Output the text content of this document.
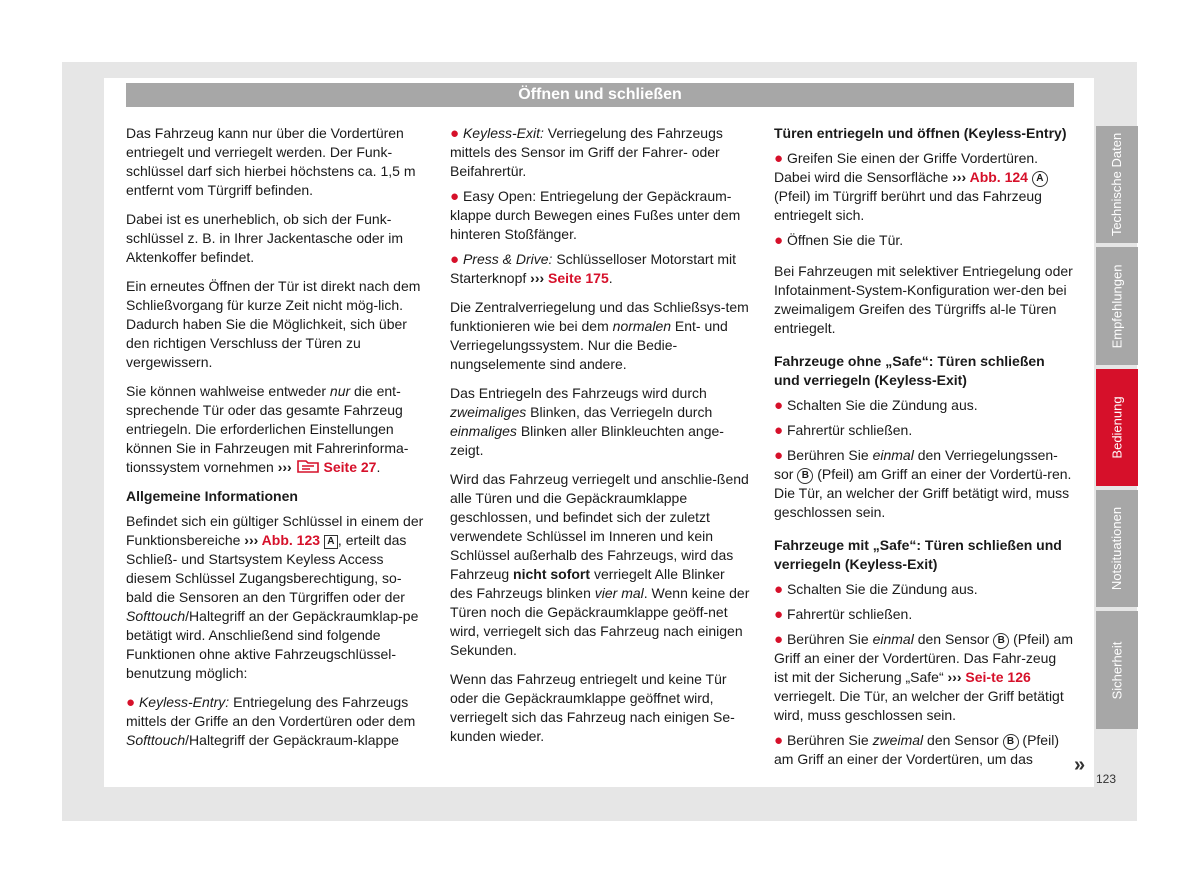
Öffnen und schließen

Das Fahrzeug kann nur über die Vordertüren entriegelt und verriegelt werden. Der Funk-schlüssel darf sich hierbei höchstens ca. 1,5 m entfernt vom Türgriff befinden.

Dabei ist es unerheblich, ob sich der Funk-schlüssel z. B. in Ihrer Jackentasche oder im Aktenkoffer befindet.

Ein erneutes Öffnen der Tür ist direkt nach dem Schließvorgang für kurze Zeit nicht mög-lich. Dadurch haben Sie die Möglichkeit, sich über den richtigen Verschluss der Türen zu vergewissern.

Sie können wahlweise entweder nur die ent-sprechende Tür oder das gesamte Fahrzeug entriegeln. Die erforderlichen Einstellungen können Sie in Fahrzeugen mit Fahrerinforma-tionssystem vornehmen ››› Seite 27.

Allgemeine Informationen

Befindet sich ein gültiger Schlüssel in einem der Funktionsbereiche ››› Abb. 123 A , erteilt das Schließ- und Startsystem Keyless Access diesem Schlüssel Zugangsberechtigung, so-bald die Sensoren an den Türgriffen oder der Softtouch/Haltegriff an der Gepäckraumklap-pe betätigt wird. Anschließend sind folgende Funktionen ohne aktive Fahrzeugschlüssel-benutzung möglich:

● Keyless-Entry: Entriegelung des Fahrzeugs mittels der Griffe an den Vordertüren oder dem Softtouch/Haltegriff der Gepäckraum-klappe

● Keyless-Exit: Verriegelung des Fahrzeugs mittels des Sensor im Griff der Fahrer- oder Beifahrertür.

● Easy Open: Entriegelung der Gepäckraum-klappe durch Bewegen eines Fußes unter dem hinteren Stoßfänger.

● Press & Drive: Schlüsselloser Motorstart mit Starterknopf ››› Seite 175.

Die Zentralverriegelung und das Schließsys-tem funktionieren wie bei dem normalen Ent- und Verriegelungssystem. Nur die Bedie-nungselemente sind andere.

Das Entriegeln des Fahrzeugs wird durch zweimaliges Blinken, das Verriegeln durch einmaliges Blinken aller Blinkleuchten ange-zeigt.

Wird das Fahrzeug verriegelt und anschlie-ßend alle Türen und die Gepäckraumklappe geschlossen, und befindet sich der zuletzt verwendete Schlüssel im Inneren und kein Schlüssel außerhalb des Fahrzeugs, wird das Fahrzeug nicht sofort verriegelt Alle Blinker des Fahrzeugs blinken vier mal. Wenn keine der Türen noch die Gepäckraumklappe geöff-net wird, verriegelt sich das Fahrzeug nach einigen Sekunden.

Wenn das Fahrzeug entriegelt und keine Tür oder die Gepäckraumklappe geöffnet wird, verriegelt sich das Fahrzeug nach einigen Se-kunden wieder.

Türen entriegeln und öffnen (Keyless-Entry)

● Greifen Sie einen der Griffe Vordertüren. Dabei wird die Sensorfläche ››› Abb. 124 A (Pfeil) im Türgriff berührt und das Fahrzeug entriegelt sich.

● Öffnen Sie die Tür.

Bei Fahrzeugen mit selektiver Entriegelung oder Infotainment-System-Konfiguration wer-den bei zweimaligem Greifen des Türgriffs al-le Türen entriegelt.

Fahrzeuge ohne „Safe“: Türen schließen und verriegeln (Keyless-Exit)

● Schalten Sie die Zündung aus.

● Fahrertür schließen.

● Berühren Sie einmal den Verriegelungssen-sor B (Pfeil) am Griff an einer der Vordertü-ren. Die Tür, an welcher der Griff betätigt wird, muss geschlossen sein.

Fahrzeuge mit „Safe“: Türen schließen und verriegeln (Keyless-Exit)

● Schalten Sie die Zündung aus.

● Fahrertür schließen.

● Berühren Sie einmal den Sensor B (Pfeil) am Griff an einer der Vordertüren. Das Fahr-zeug ist mit der Sicherung „Safe“ ››› Sei-te 126 verriegelt. Die Tür, an welcher der Griff betätigt wird, muss geschlossen sein.

● Berühren Sie zweimal den Sensor B (Pfeil) am Griff an einer der Vordertüren, um das	»
Technische Daten
Empfehlungen
Bedienung
Notsituationen
Sicherheit
123
